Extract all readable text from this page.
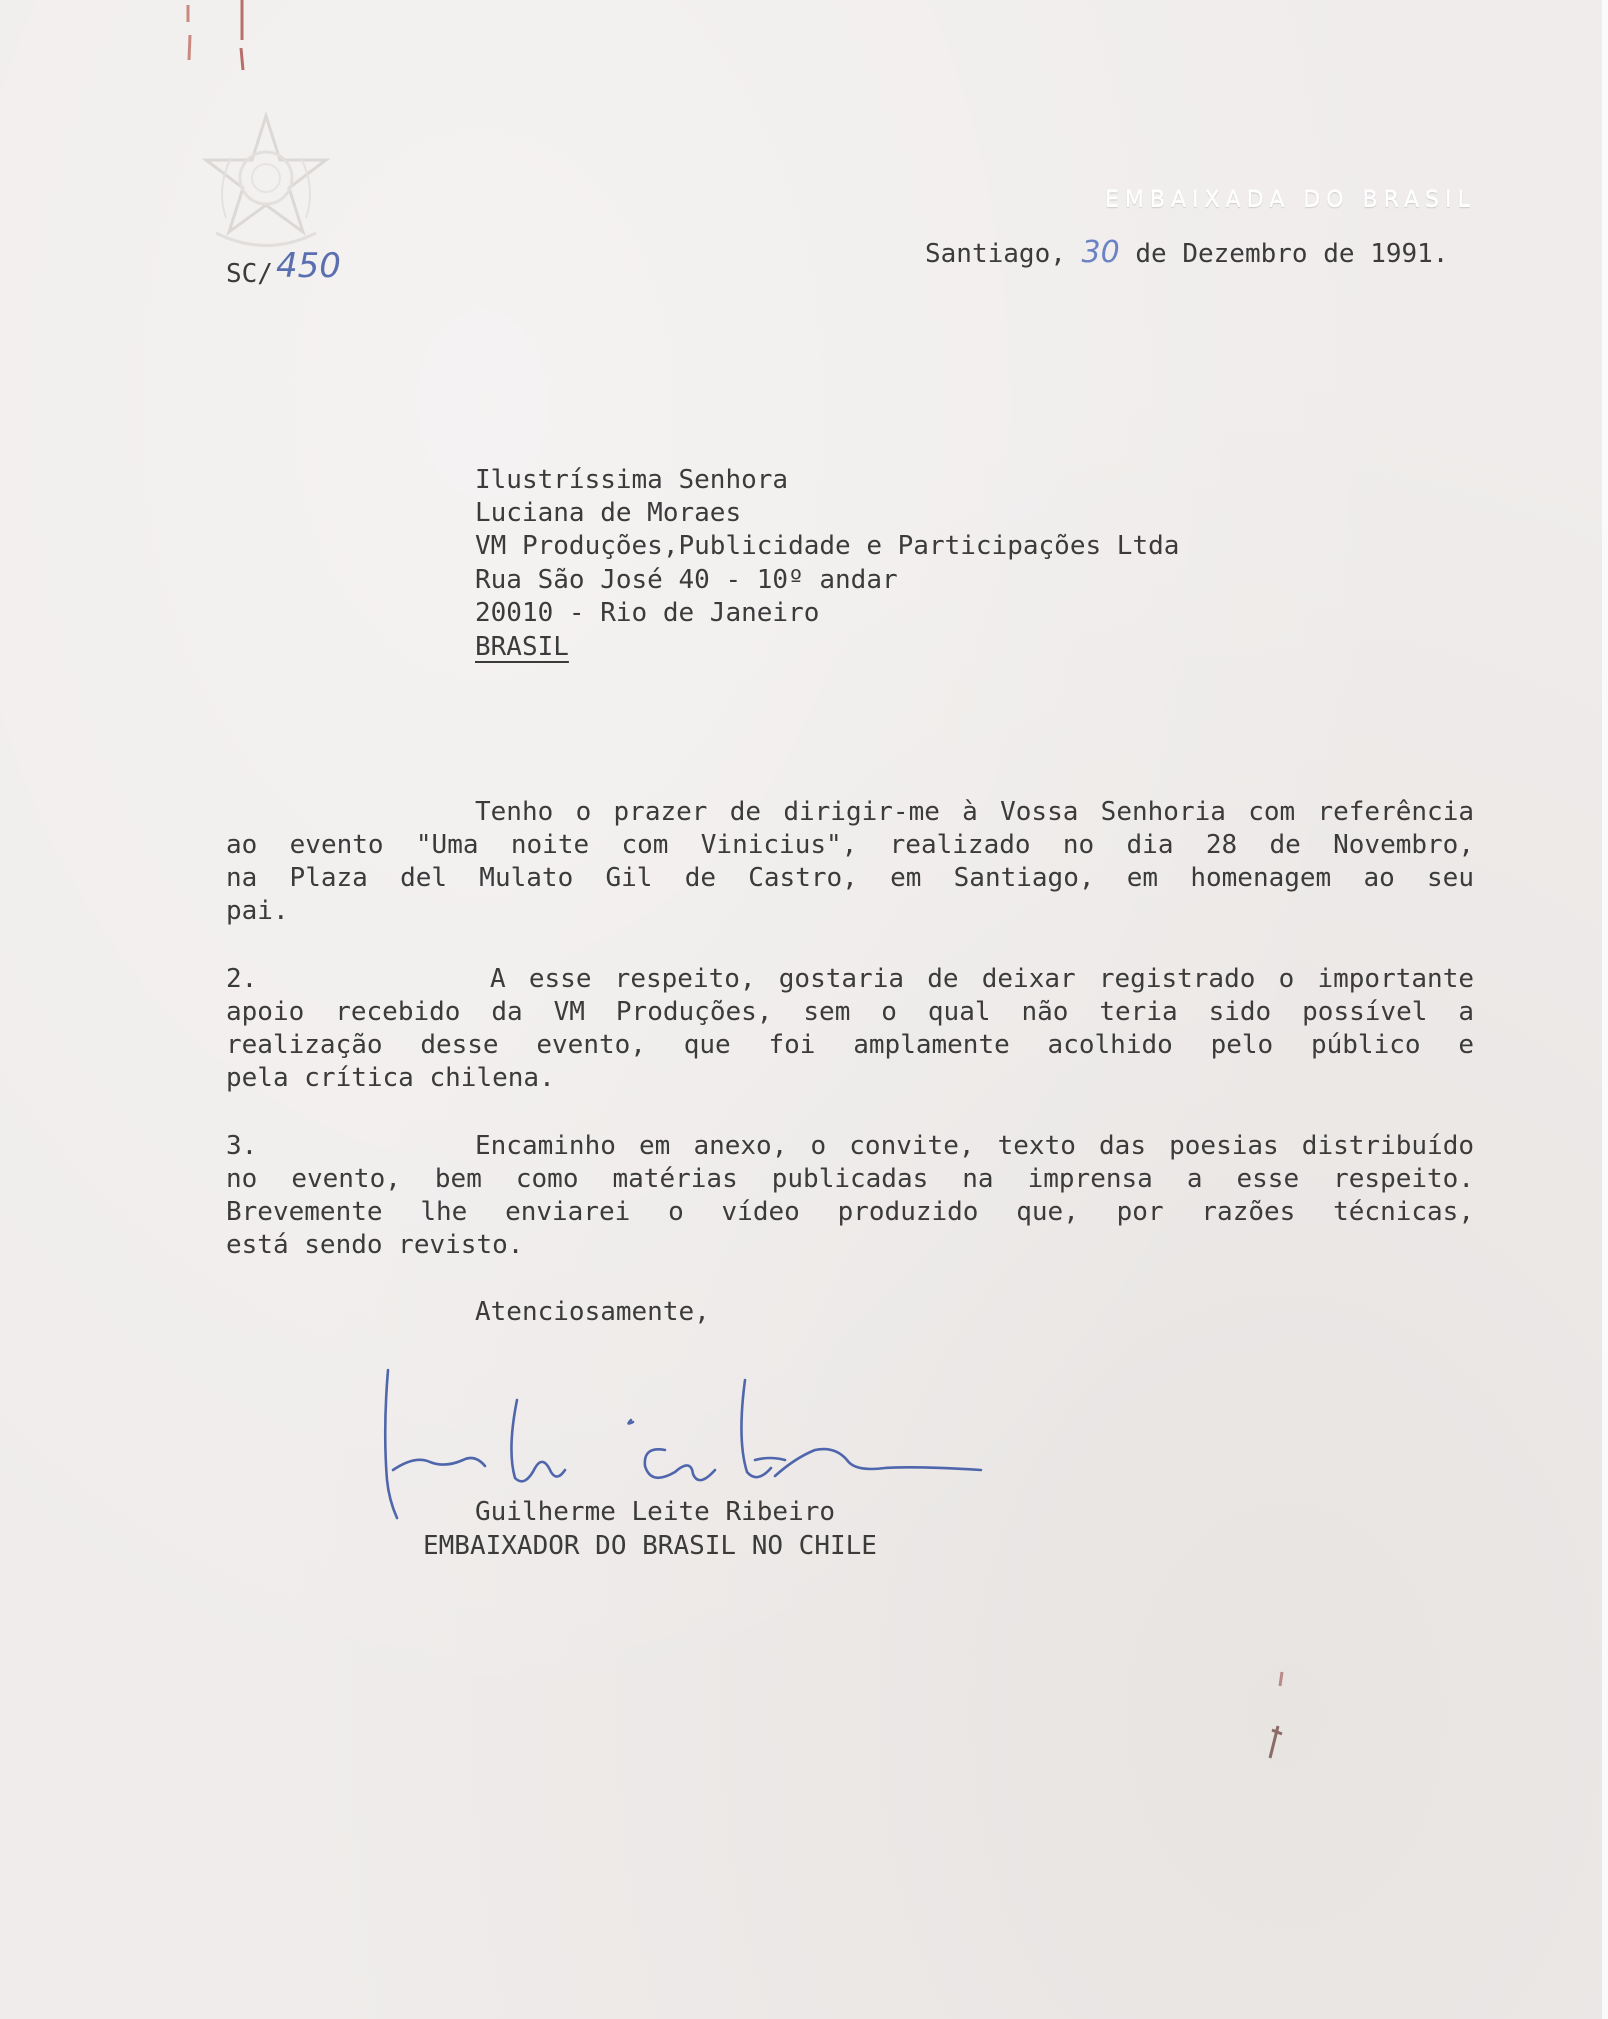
EMBAIXADA DO BRASIL
SC/ 450	Santiago, 30 de Dezembro de 1991.
Ilustríssima Senhora
Luciana de Moraes
VM Produções,Publicidade e Participações Ltda
Rua São José 40 - 10º andar
20010 - Rio de Janeiro
BRASIL
Tenho o prazer de dirigir-me à Vossa Senhoria com referência
ao evento "Uma noite com Vinicius", realizado no dia 28 de Novembro,
na Plaza del Mulato Gil de Castro, em Santiago, em homenagem ao seu
pai.
2.	A esse respeito, gostaria de deixar registrado o importante
apoio recebido da VM Produções, sem o qual não teria sido possível a
realização desse evento, que foi amplamente acolhido pelo público e
pela crítica chilena.
3.	Encaminho em anexo, o convite, texto das poesias distribuído
no evento, bem como matérias publicadas na imprensa a esse respeito.
Brevemente lhe enviarei o vídeo produzido que, por razões técnicas,
está sendo revisto.
Atenciosamente,
Guilherme Leite Ribeiro
EMBAIXADOR DO BRASIL NO CHILE
